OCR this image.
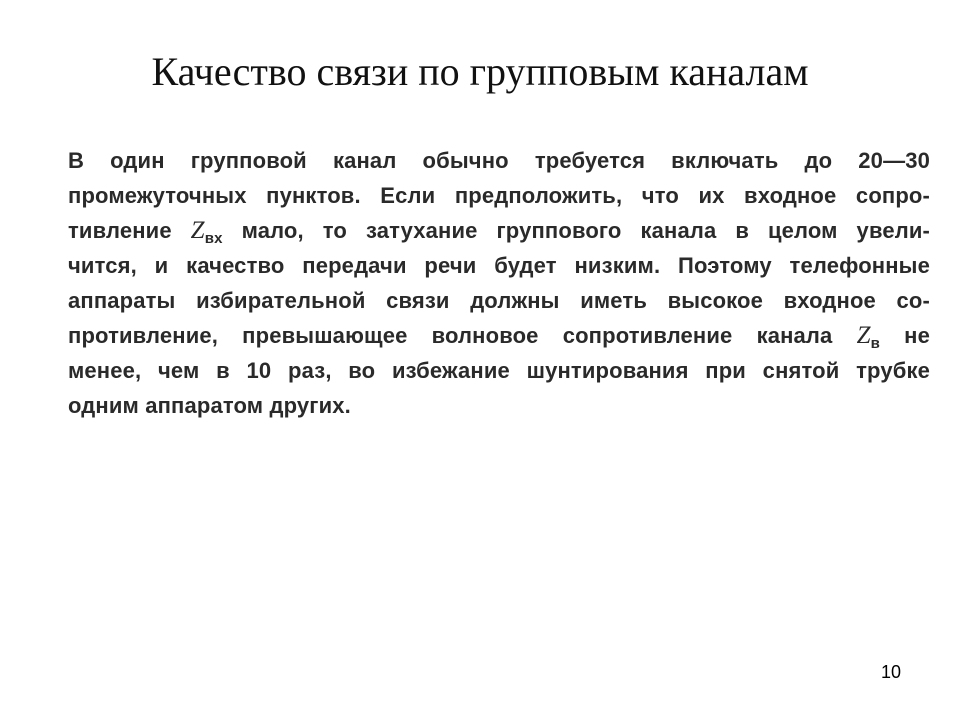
Качество связи по групповым каналам
В один групповой канал обычно требуется включать до 20—30
промежуточных пунктов. Если предположить, что их входное сопро-
тивление $Z_{вх}$ мало, то затухание группового канала в целом увели-
чится, и качество передачи речи будет низким. Поэтому телефонные
аппараты избирательной связи должны иметь высокое входное со-
противление, превышающее волновое сопротивление канала $Z_в$ не
менее, чем в 10 раз, во избежание шунтирования при снятой трубке
одним аппаратом других.
10
